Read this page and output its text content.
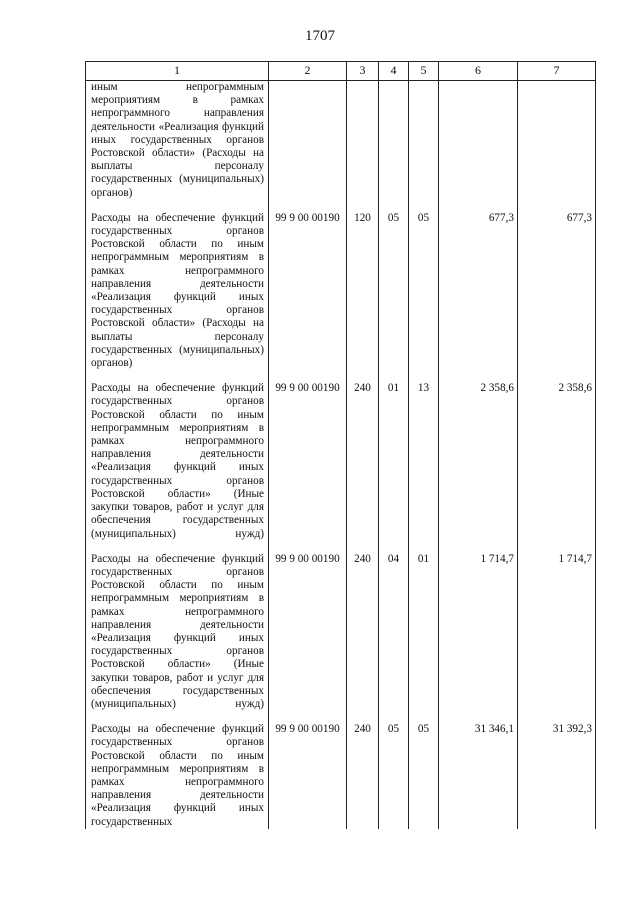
1707
1	2	3	4	5	6	7
иным непрограммным мероприятиям в рамках непрограммного направления деятельности «Реализация функций иных государственных органов Ростовской области» (Расходы на выплаты персоналу государственных (муниципальных) органов)						
Расходы на обеспечение функций государственных органов Ростовской области по иным непрограммным мероприятиям в рамках непрограммного направления деятельности «Реализация функций иных государственных органов Ростовской области» (Расходы на выплаты персоналу государственных (муниципальных) органов)	99 9 00 00190	120	05	05	677,3	677,3
Расходы на обеспечение функций государственных органов Ростовской области по иным непрограммным мероприятиям в рамках непрограммного направления деятельности «Реализация функций иных государственных органов Ростовской области» (Иные закупки товаров, работ и услуг для обеспечения государственных (муниципальных) нужд)	99 9 00 00190	240	01	13	2 358,6	2 358,6
Расходы на обеспечение функций государственных органов Ростовской области по иным непрограммным мероприятиям в рамках непрограммного направления деятельности «Реализация функций иных государственных органов Ростовской области» (Иные закупки товаров, работ и услуг для обеспечения государственных (муниципальных) нужд)	99 9 00 00190	240	04	01	1 714,7	1 714,7
Расходы на обеспечение функций государственных органов Ростовской области по иным непрограммным мероприятиям в рамках непрограммного направления деятельности «Реализация функций иных государственных	99 9 00 00190	240	05	05	31 346,1	31 392,3
